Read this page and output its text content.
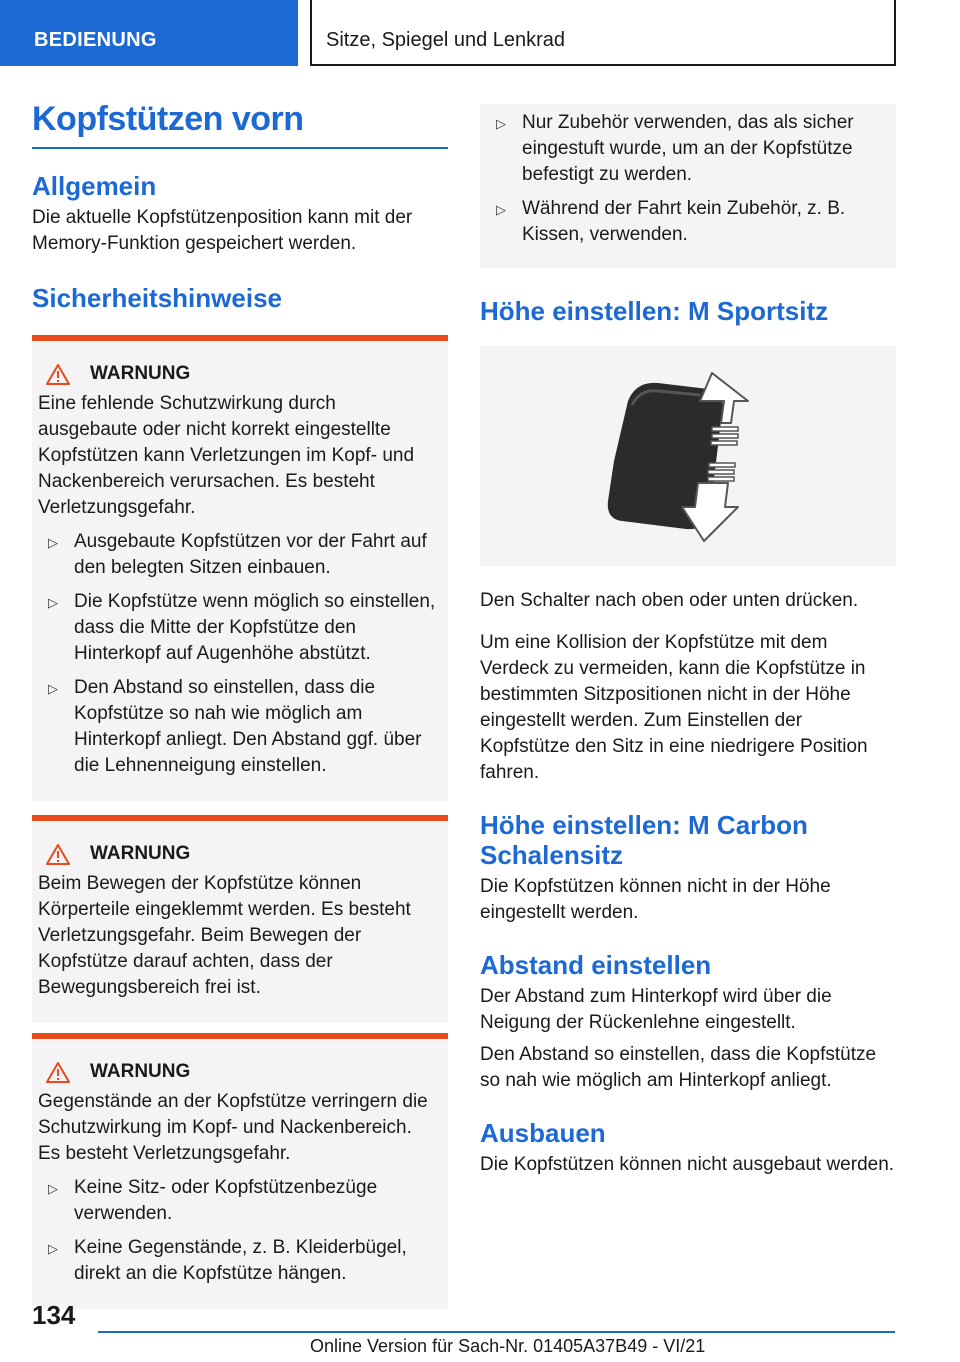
BEDIENUNG	Sitze, Spiegel und Lenkrad
Kopfstützen vorn
Allgemein

Die aktuelle Kopfstützenposition kann mit der Memory-Funktion gespeichert werden.

Sicherheitshinweise
WARNUNG

Eine fehlende Schutzwirkung durch ausgebaute oder nicht korrekt eingestellte Kopfstützen kann Verletzungen im Kopf- und Nackenbereich verursachen. Es besteht Verletzungsgefahr.

▷ Ausgebaute Kopfstützen vor der Fahrt auf den belegten Sitzen einbauen.
▷ Die Kopfstütze wenn möglich so einstellen, dass die Mitte der Kopfstütze den Hinterkopf auf Augenhöhe abstützt.
▷ Den Abstand so einstellen, dass die Kopfstütze so nah wie möglich am Hinterkopf anliegt. Den Abstand ggf. über die Lehnenneigung einstellen.
WARNUNG

Beim Bewegen der Kopfstütze können Körperteile eingeklemmt werden. Es besteht Verletzungsgefahr. Beim Bewegen der Kopfstütze darauf achten, dass der Bewegungsbereich frei ist.

WARNUNG

Gegenstände an der Kopfstütze verringern die Schutzwirkung im Kopf- und Nackenbereich. Es besteht Verletzungsgefahr.

▷ Keine Sitz- oder Kopfstützenbezüge verwenden.
▷ Keine Gegenstände, z. B. Kleiderbügel, direkt an die Kopfstütze hängen.
▷ Nur Zubehör verwenden, das als sicher eingestuft wurde, um an der Kopfstütze befestigt zu werden.
▷ Während der Fahrt kein Zubehör, z. B. Kissen, verwenden.
Höhe einstellen: M Sportsitz

Den Schalter nach oben oder unten drücken.

Um eine Kollision der Kopfstütze mit dem Verdeck zu vermeiden, kann die Kopfstütze in bestimmten Sitzpositionen nicht in der Höhe eingestellt werden. Zum Einstellen der Kopfstütze den Sitz in eine niedrigere Position fahren.

Höhe einstellen: M Carbon Schalensitz

Die Kopfstützen können nicht in der Höhe eingestellt werden.

Abstand einstellen

Der Abstand zum Hinterkopf wird über die Neigung der Rückenlehne eingestellt.

Den Abstand so einstellen, dass die Kopfstütze so nah wie möglich am Hinterkopf anliegt.

Ausbauen

Die Kopfstützen können nicht ausgebaut werden.

134
Online Version für Sach-Nr. 01405A37B49 - VI/21
